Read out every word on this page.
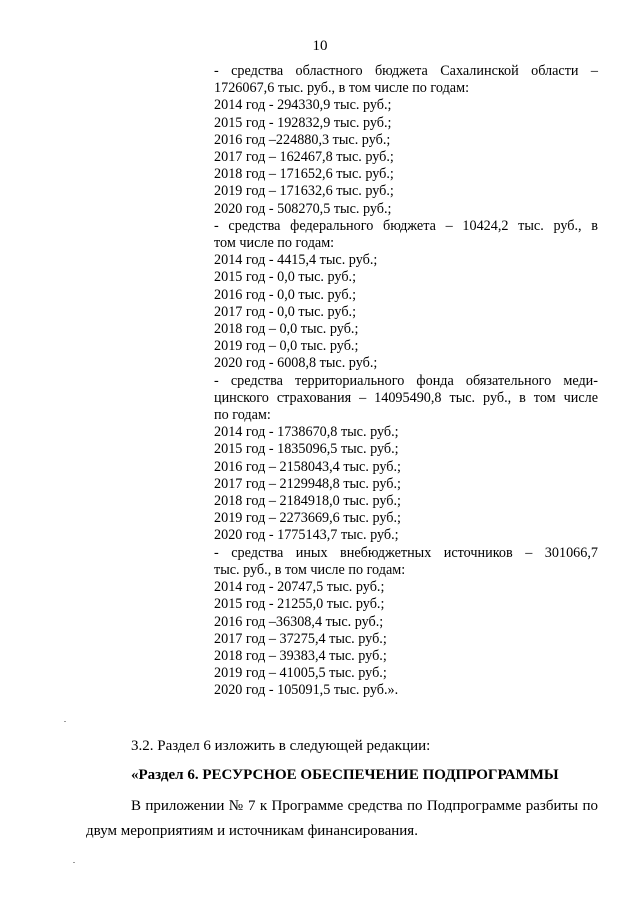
10
- средства областного бюджета Сахалинской области –
1726067,6 тыс. руб., в том числе по годам:
2014 год - 294330,9 тыс. руб.;
2015 год - 192832,9 тыс. руб.;
2016 год –224880,3 тыс. руб.;
2017 год – 162467,8 тыс. руб.;
2018 год – 171652,6 тыс. руб.;
2019 год – 171632,6 тыс. руб.;
2020 год - 508270,5 тыс. руб.;
- средства федерального бюджета – 10424,2 тыс. руб., в
том числе по годам:
2014 год - 4415,4 тыс. руб.;
2015 год - 0,0 тыс. руб.;
2016 год - 0,0 тыс. руб.;
2017 год - 0,0 тыс. руб.;
2018 год – 0,0 тыс. руб.;
2019 год – 0,0 тыс. руб.;
2020 год - 6008,8 тыс. руб.;
- средства территориального фонда обязательного меди-
цинского страхования – 14095490,8 тыс. руб., в том числе
по годам:
2014 год - 1738670,8 тыс. руб.;
2015 год - 1835096,5 тыс. руб.;
2016 год – 2158043,4 тыс. руб.;
2017 год – 2129948,8 тыс. руб.;
2018 год – 2184918,0 тыс. руб.;
2019 год – 2273669,6 тыс. руб.;
2020 год - 1775143,7 тыс. руб.;
- средства иных внебюджетных источников – 301066,7
тыс. руб., в том числе по годам:
2014 год - 20747,5 тыс. руб.;
2015 год - 21255,0 тыс. руб.;
2016 год –36308,4 тыс. руб.;
2017 год – 37275,4 тыс. руб.;
2018 год – 39383,4 тыс. руб.;
2019 год – 41005,5 тыс. руб.;
2020 год - 105091,5 тыс. руб.».
3.2. Раздел 6 изложить в следующей редакции:
«Раздел 6. РЕСУРСНОЕ ОБЕСПЕЧЕНИЕ ПОДПРОГРАММЫ
В приложении № 7 к Программе средства по Подпрограмме разбиты по
двум мероприятиям и источникам финансирования.
